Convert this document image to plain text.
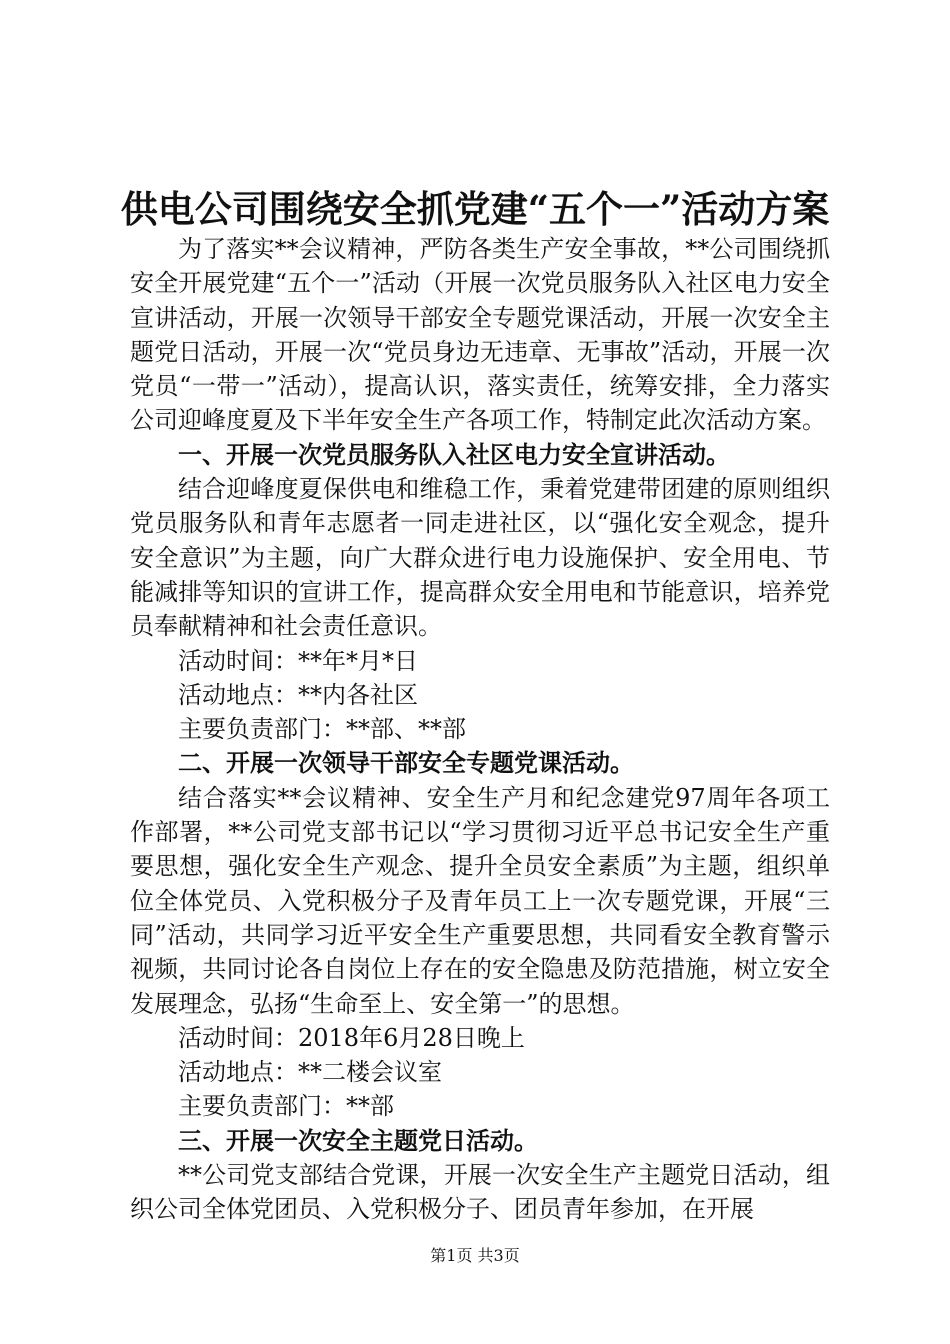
供电公司围绕安全抓党建“五个一”活动方案

为了落实**会议精神，严防各类生产安全事故，**公司围绕抓安全开展党建“五个一”活动（开展一次党员服务队入社区电力安全宣讲活动，开展一次领导干部安全专题党课活动，开展一次安全主题党日活动，开展一次“党员身边无违章、无事故”活动，开展一次党员“一带一”活动），提高认识，落实责任，统筹安排，全力落实公司迎峰度夏及下半年安全生产各项工作，特制定此次活动方案。

一、开展一次党员服务队入社区电力安全宣讲活动。

结合迎峰度夏保供电和维稳工作，秉着党建带团建的原则组织党员服务队和青年志愿者一同走进社区，以“强化安全观念，提升安全意识”为主题，向广大群众进行电力设施保护、安全用电、节能减排等知识的宣讲工作，提高群众安全用电和节能意识，培养党员奉献精神和社会责任意识。

活动时间：**年*月*日

活动地点：**内各社区

主要负责部门：**部、**部

二、开展一次领导干部安全专题党课活动。

结合落实**会议精神、安全生产月和纪念建党97周年各项工作部署，**公司党支部书记以“学习贯彻习近平总书记安全生产重要思想，强化安全生产观念、提升全员安全素质”为主题，组织单位全体党员、入党积极分子及青年员工上一次专题党课，开展“三同”活动，共同学习近平安全生产重要思想，共同看安全教育警示视频，共同讨论各自岗位上存在的安全隐患及防范措施，树立安全发展理念，弘扬“生命至上、安全第一”的思想。

活动时间：2018年6月28日晚上

活动地点：**二楼会议室

主要负责部门：**部

三、开展一次安全主题党日活动。

**公司党支部结合党课，开展一次安全生产主题党日活动，组织公司全体党团员、入党积极分子、团员青年参加，在开展

第1页 共3页
